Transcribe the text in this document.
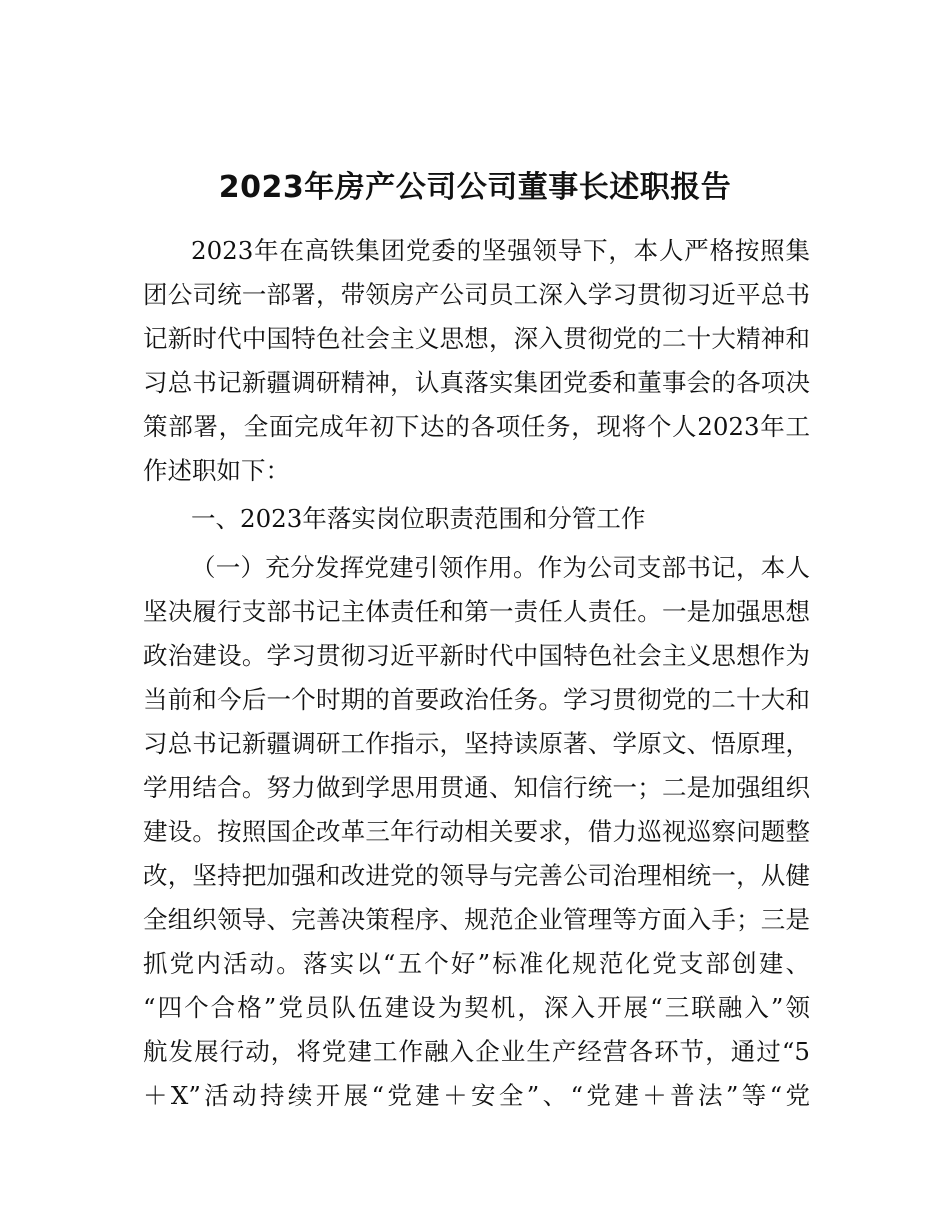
2023年房产公司公司董事长述职报告
2023年在高铁集团党委的坚强领导下，本人严格按照集
团公司统一部署，带领房产公司员工深入学习贯彻习近平总书
记新时代中国特色社会主义思想，深入贯彻党的二十大精神和
习总书记新疆调研精神，认真落实集团党委和董事会的各项决
策部署，全面完成年初下达的各项任务，现将个人2023年工
作述职如下：
一、2023年落实岗位职责范围和分管工作
（一）充分发挥党建引领作用。作为公司支部书记，本人
坚决履行支部书记主体责任和第一责任人责任。一是加强思想
政治建设。学习贯彻习近平新时代中国特色社会主义思想作为
当前和今后一个时期的首要政治任务。学习贯彻党的二十大和
习总书记新疆调研工作指示，坚持读原著、学原文、悟原理，
学用结合。努力做到学思用贯通、知信行统一；二是加强组织
建设。按照国企改革三年行动相关要求，借力巡视巡察问题整
改，坚持把加强和改进党的领导与完善公司治理相统一，从健
全组织领导、完善决策程序、规范企业管理等方面入手；三是
抓党内活动。落实以“五个好”标准化规范化党支部创建、
“四个合格”党员队伍建设为契机，深入开展“三联融入”领
航发展行动，将党建工作融入企业生产经营各环节，通过“5
＋X”活动持续开展“党建＋安全”、“党建＋普法”等“党
